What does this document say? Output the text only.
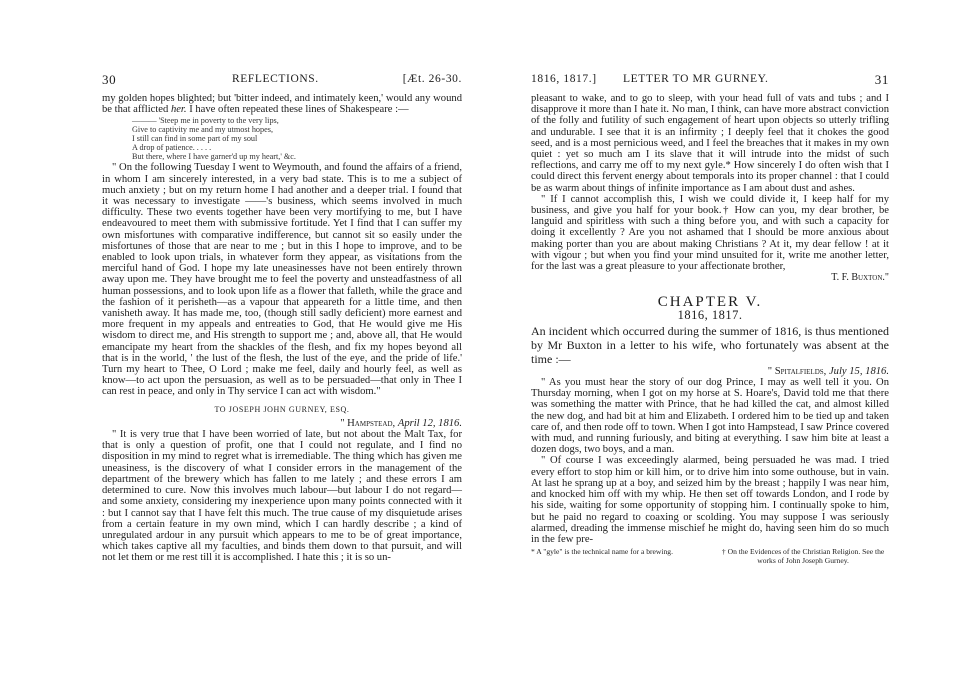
30	REFLECTIONS.	[Æt. 26-30.

my golden hopes blighted; but 'bitter indeed, and intimately keen,' would any wound be that afflicted her. I have often repeated these lines of Shakespeare :—

——— 'Steep me in poverty to the very lips,
Give to captivity me and my utmost hopes,
I still can find in some part of my soul
A drop of patience. . . . .
But there, where I have garner'd up my heart,' &c.

" On the following Tuesday I went to Weymouth, and found the affairs of a friend, in whom I am sincerely interested, in a very bad state. This is to me a subject of much anxiety ; but on my return home I had another and a deeper trial. I found that it was necessary to investigate ——'s business, which seems involved in much difficulty. These two events together have been very mortifying to me, but I have endeavoured to meet them with submissive fortitude. Yet I find that I can suffer my own misfortunes with comparative indifference, but cannot sit so easily under the misfortunes of those that are near to me ; but in this I hope to improve, and to be enabled to look upon trials, in whatever form they appear, as visitations from the merciful hand of God. I hope my late uneasinesses have not been entirely thrown away upon me. They have brought me to feel the poverty and unsteadfastness of all human possessions, and to look upon life as a flower that falleth, while the grace and the fashion of it perisheth—as a vapour that appeareth for a little time, and then vanisheth away. It has made me, too, (though still sadly deficient) more earnest and more frequent in my appeals and entreaties to God, that He would give me His wisdom to direct me, and His strength to support me ; and, above all, that He would emancipate my heart from the shackles of the flesh, and fix my hopes beyond all that is in the world, ' the lust of the flesh, the lust of the eye, and the pride of life.' Turn my heart to Thee, O Lord ; make me feel, daily and hourly feel, as well as know—to act upon the persuasion, as well as to be persuaded—that only in Thee I can rest in peace, and only in Thy service I can act with wisdom."

TO JOSEPH JOHN GURNEY, ESQ.

" Hampstead, April 12, 1816.

" It is very true that I have been worried of late, but not about the Malt Tax, for that is only a question of profit, one that I could not regulate, and I find no disposition in my mind to regret what is irremediable. The thing which has given me uneasiness, is the discovery of what I consider errors in the management of the department of the brewery which has fallen to me lately ; and these errors I am determined to cure. Now this involves much labour—but labour I do not regard—and some anxiety, considering my inexperience upon many points connected with it : but I cannot say that I have felt this much. The true cause of my disquietude arises from a certain feature in my own mind, which I can hardly describe ; a kind of unregulated ardour in any pursuit which appears to me to be of great importance, which takes captive all my faculties, and binds them down to that pursuit, and will not let them or me rest till it is accomplished. I hate this ; it is so un-

1816, 1817.] LETTER TO MR GURNEY.	31

pleasant to wake, and to go to sleep, with your head full of vats and tubs ; and I disapprove it more than I hate it. No man, I think, can have more abstract conviction of the folly and futility of such engagement of heart upon objects so utterly trifling and undurable. I see that it is an infirmity ; I deeply feel that it chokes the good seed, and is a most pernicious weed, and I feel the breaches that it makes in my own quiet : yet so much am I its slave that it will intrude into the midst of such reflections, and carry me off to my next gyle.* How sincerely I do often wish that I could direct this fervent energy about temporals into its proper channel : that I could be as warm about things of infinite importance as I am about dust and ashes.

" If I cannot accomplish this, I wish we could divide it, I keep half for my business, and give you half for your book.† How can you, my dear brother, be languid and spiritless with such a thing before you, and with such a capacity for doing it excellently ? Are you not ashamed that I should be more anxious about making porter than you are about making Christians ? At it, my dear fellow ! at it with vigour ; but when you find your mind unsuited for it, write me another letter, for the last was a great pleasure to your affectionate brother,

T. F. Buxton."

CHAPTER V.
1816, 1817.

An incident which occurred during the summer of 1816, is thus mentioned by Mr Buxton in a letter to his wife, who fortunately was absent at the time :—

" Spitalfields, July 15, 1816.

" As you must hear the story of our dog Prince, I may as well tell it you. On Thursday morning, when I got on my horse at S. Hoare's, David told me that there was something the matter with Prince, that he had killed the cat, and almost killed the new dog, and had bit at him and Elizabeth. I ordered him to be tied up and taken care of, and then rode off to town. When I got into Hampstead, I saw Prince covered with mud, and running furiously, and biting at everything. I saw him bite at least a dozen dogs, two boys, and a man.

" Of course I was exceedingly alarmed, being persuaded he was mad. I tried every effort to stop him or kill him, or to drive him into some outhouse, but in vain. At last he sprang up at a boy, and seized him by the breast ; happily I was near him, and knocked him off with my whip. He then set off towards London, and I rode by his side, waiting for some opportunity of stopping him. I continually spoke to him, but he paid no regard to coaxing or scolding. You may suppose I was seriously alarmed, dreading the immense mischief he might do, having seen him do so much in the few pre-

* A "gyle" is the technical name for a brewing.	† On the Evidences of the Christian Religion. See the works of John Joseph Gurney.
